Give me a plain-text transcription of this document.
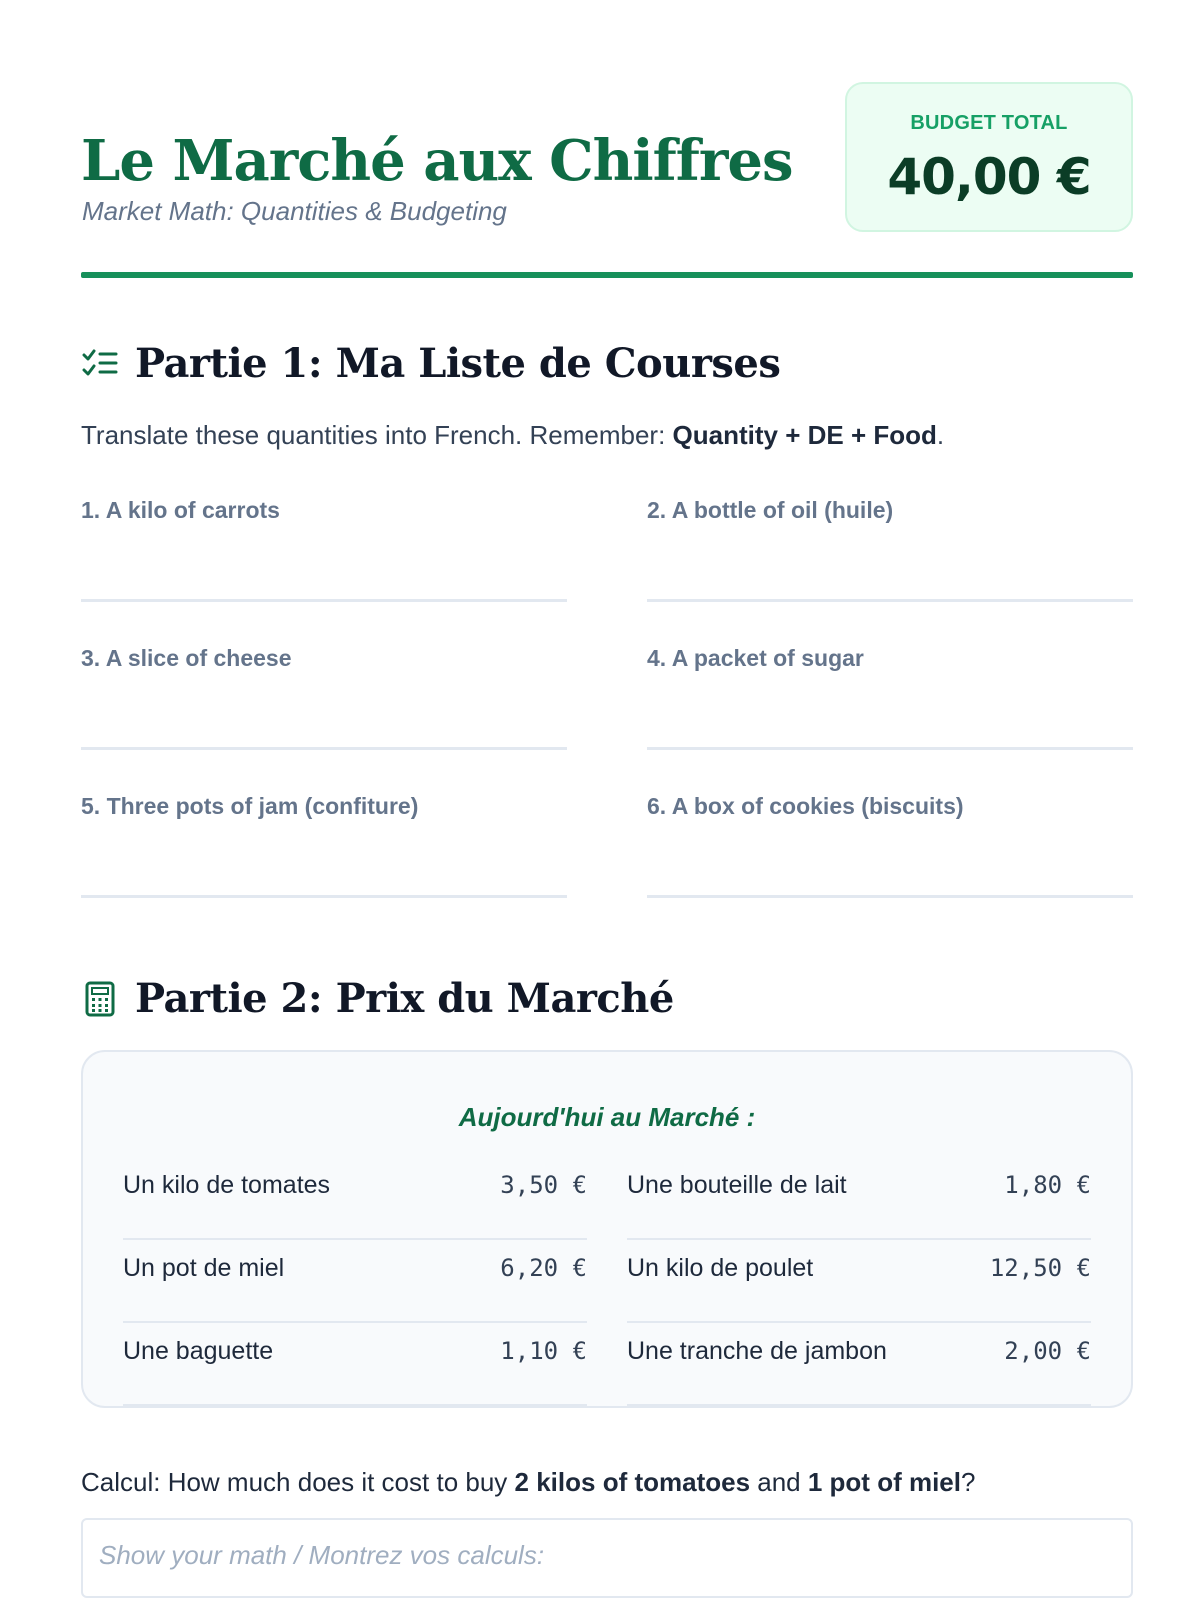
Le Marché aux Chiffres
Market Math: Quantities & Budgeting
BUDGET TOTAL
40,00 €
Partie 1: Ma Liste de Courses

Translate these quantities into French. Remember: Quantity + DE + Food.

1. A kilo of carrots	2. A bottle of oil (huile)
3. A slice of cheese	4. A packet of sugar
5. Three pots of jam (confiture)	6. A box of cookies (biscuits)
Partie 2: Prix du Marché
Aujourd'hui au Marché :
Un kilo de tomates	3,50 € Une bouteille de lait	1,80 €
Un pot de miel	6,20 € Un kilo de poulet	12,50 €
Une baguette	1,10 € Une tranche de jambon	2,00 €

Calcul: How much does it cost to buy 2 kilos of tomatoes and 1 pot of miel?

Show your math / Montrez vos calculs:
